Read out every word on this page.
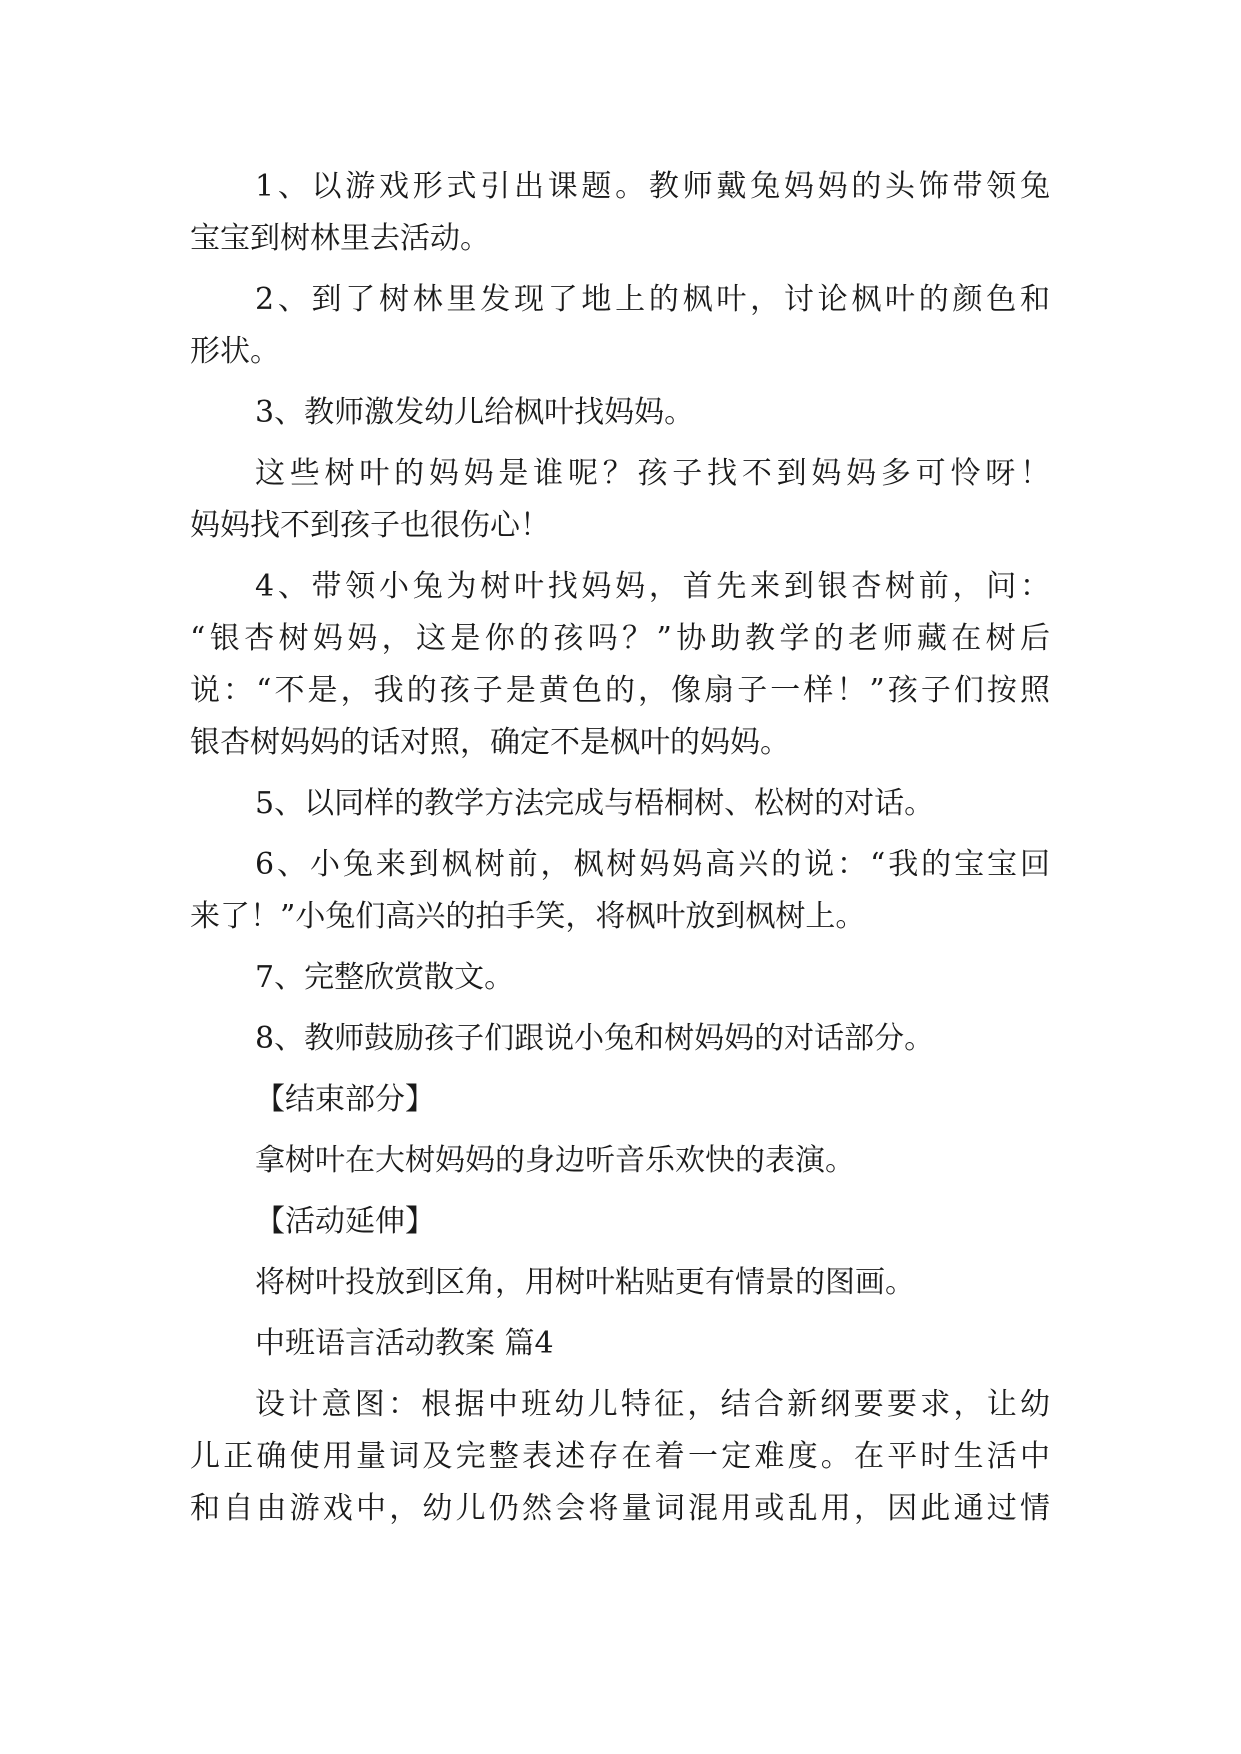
1、以游戏形式引出课题。教师戴兔妈妈的头饰带领兔
宝宝到树林里去活动。
2、到了树林里发现了地上的枫叶，讨论枫叶的颜色和
形状。
3、教师激发幼儿给枫叶找妈妈。
这些树叶的妈妈是谁呢？孩子找不到妈妈多可怜呀！
妈妈找不到孩子也很伤心！
4、带领小兔为树叶找妈妈，首先来到银杏树前，问：
“银杏树妈妈，这是你的孩吗？”协助教学的老师藏在树后
说：“不是，我的孩子是黄色的，像扇子一样！”孩子们按照
银杏树妈妈的话对照，确定不是枫叶的妈妈。
5、以同样的教学方法完成与梧桐树、松树的对话。
6、小兔来到枫树前，枫树妈妈高兴的说：“我的宝宝回
来了！”小兔们高兴的拍手笑，将枫叶放到枫树上。
7、完整欣赏散文。
8、教师鼓励孩子们跟说小兔和树妈妈的对话部分。
【结束部分】
拿树叶在大树妈妈的身边听音乐欢快的表演。
【活动延伸】
将树叶投放到区角，用树叶粘贴更有情景的图画。
中班语言活动教案 篇4
设计意图：根据中班幼儿特征，结合新纲要要求，让幼
儿正确使用量词及完整表述存在着一定难度。在平时生活中
和自由游戏中，幼儿仍然会将量词混用或乱用，因此通过情
